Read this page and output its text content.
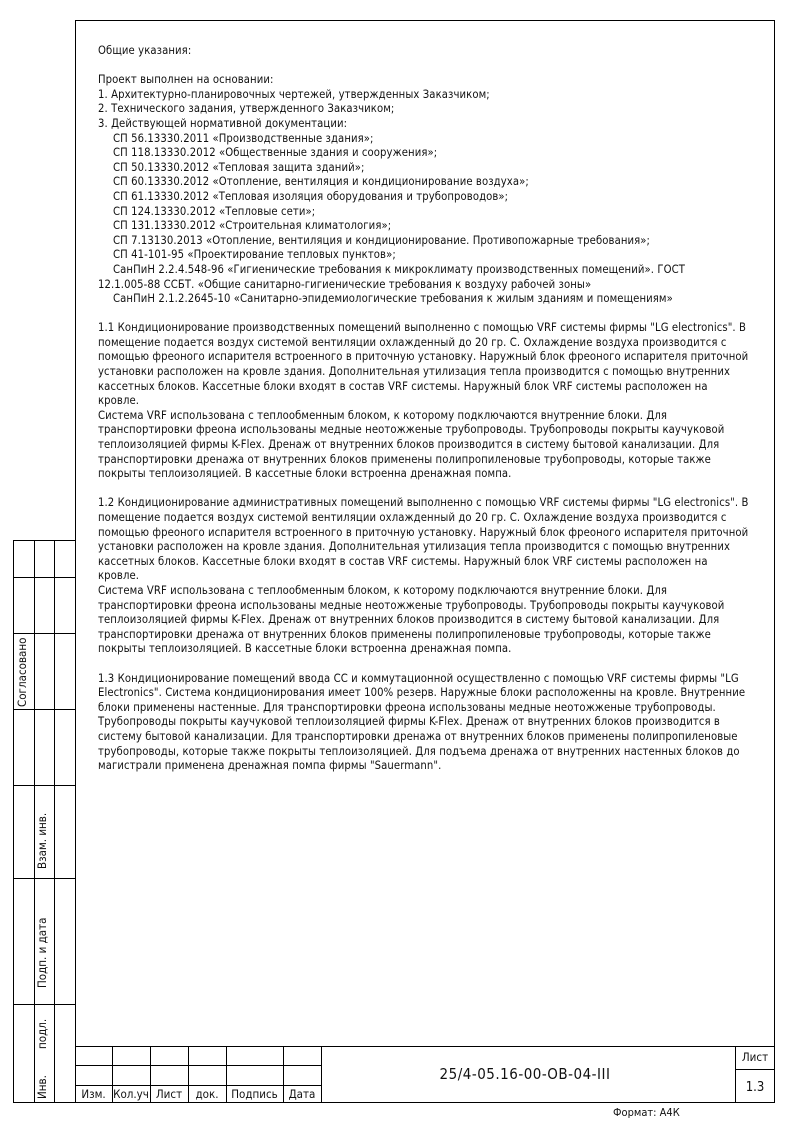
Общие указания:
Проект выполнен на основании:
1. Архитектурно-планировочных чертежей, утвержденных Заказчиком;
2. Технического задания, утвержденного Заказчиком;
3. Действующей нормативной документации:
СП 56.13330.2011 «Производственные здания»;
СП 118.13330.2012 «Общественные здания и сооружения»;
СП 50.13330.2012 «Тепловая защита зданий»;
СП 60.13330.2012 «Отопление, вентиляция и кондиционирование воздуха»;
СП 61.13330.2012 «Тепловая изоляция оборудования и трубопроводов»;
СП 124.13330.2012 «Тепловые сети»;
СП 131.13330.2012 «Строительная климатология»;
СП 7.13130.2013 «Отопление, вентиляция и кондиционирование. Противопожарные требования»;
СП 41-101-95 «Проектирование тепловых пунктов»;
СанПиН 2.2.4.548-96 «Гигиенические требования к микроклимату производственных помещений». ГОСТ
12.1.005-88 ССБТ. «Общие санитарно-гигиенические требования к воздуху рабочей зоны»
СанПиН 2.1.2.2645-10 «Санитарно-эпидемиологические требования к жилым зданиям и помещениям»
1.1 Кондиционирование производственных помещений выполненно с помощью VRF системы фирмы "LG electronics". В
помещение подается воздух системой вентиляции охлажденный до 20 гр. С. Охлаждение воздуха производится с
помощью фреоного испарителя встроенного в приточную установку. Наружный блок фреоного испарителя приточной
установки расположен на кровле здания. Дополнительная утилизация тепла производится с помощью внутренних
кассетных блоков. Кассетные блоки входят в состав VRF системы. Наружный блок VRF системы расположен на
кровле.
Система VRF использована с теплообменным блоком, к которому подключаются внутренние блоки. Для
транспортировки фреона использованы медные неотожженые трубопроводы. Трубопроводы покрыты каучуковой
теплоизоляцией фирмы K-Flex. Дренаж от внутренних блоков производится в систему бытовой канализации. Для
транспортировки дренажа от внутренних блоков применены полипропиленовые трубопроводы, которые также
покрыты теплоизоляцией. В кассетные блоки встроенна дренажная помпа.
1.2 Кондиционирование административных помещений выполненно с помощью VRF системы фирмы "LG electronics". В
помещение подается воздух системой вентиляции охлажденный до 20 гр. С. Охлаждение воздуха производится с
помощью фреоного испарителя встроенного в приточную установку. Наружный блок фреоного испарителя приточной
установки расположен на кровле здания. Дополнительная утилизация тепла производится с помощью внутренних
кассетных блоков. Кассетные блоки входят в состав VRF системы. Наружный блок VRF системы расположен на
кровле.
Система VRF использована с теплообменным блоком, к которому подключаются внутренние блоки. Для
транспортировки фреона использованы медные неотожженые трубопроводы. Трубопроводы покрыты каучуковой
теплоизоляцией фирмы K-Flex. Дренаж от внутренних блоков производится в систему бытовой канализации. Для
транспортировки дренажа от внутренних блоков применены полипропиленовые трубопроводы, которые также
покрыты теплоизоляцией. В кассетные блоки встроенна дренажная помпа.
1.3 Кондиционирование помещений ввода СС и коммутационной осуществленно с помощью VRF системы фирмы "LG
Electronics". Система кондиционирования имеет 100% резерв. Наружные блоки расположенны на кровле. Внутренние
блоки применены настенные. Для транспортировки фреона использованы медные неотожженые трубопроводы.
Трубопроводы покрыты каучуковой теплоизоляцией фирмы K-Flex. Дренаж от внутренних блоков производится в
систему бытовой канализации. Для транспортировки дренажа от внутренних блоков применены полипропиленовые
трубопроводы, которые также покрыты теплоизоляцией. Для подъема дренажа от внутренних настенных блоков до
магистрали применена дренажная помпа фирмы "Sauermann".
Согласовано
Взам. инв.
Подп. и дата
Инв.
подл.
Изм. Кол.уч Лист	док.	Подпись Дата
25/4-05.16-00-ОВ-04-III
Лист
1.3
Формат: А4К
